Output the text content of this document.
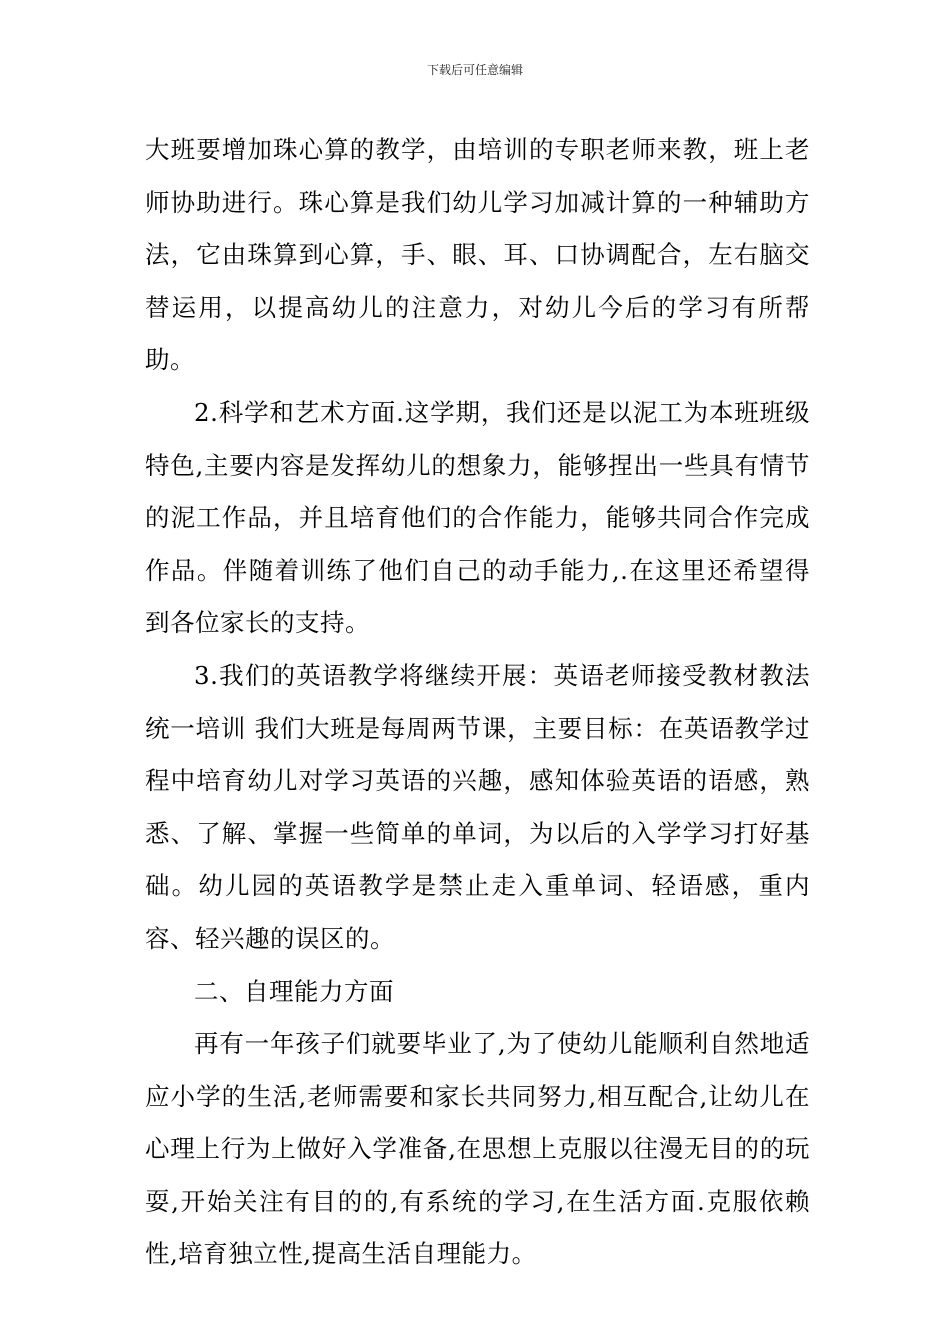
下载后可任意编辑

大班要增加珠心算的教学，由培训的专职老师来教，班上老师协助进行。珠心算是我们幼儿学习加减计算的一种辅助方法，它由珠算到心算，手、眼、耳、口协调配合，左右脑交替运用，以提高幼儿的注意力，对幼儿今后的学习有所帮助。

2.科学和艺术方面.这学期，我们还是以泥工为本班班级特色,主要内容是发挥幼儿的想象力，能够捏出一些具有情节的泥工作品，并且培育他们的合作能力，能够共同合作完成作品。伴随着训练了他们自己的动手能力,.在这里还希望得到各位家长的支持。

3.我们的英语教学将继续开展：英语老师接受教材教法统一培训 我们大班是每周两节课，主要目标：在英语教学过程中培育幼儿对学习英语的兴趣，感知体验英语的语感，熟悉、了解、掌握一些简单的单词，为以后的入学学习打好基础。幼儿园的英语教学是禁止走入重单词、轻语感，重内容、轻兴趣的误区的。

二、自理能力方面

再有一年孩子们就要毕业了,为了使幼儿能顺利自然地适应小学的生活,老师需要和家长共同努力,相互配合,让幼儿在心理上行为上做好入学准备,在思想上克服以往漫无目的的玩耍,开始关注有目的的,有系统的学习,在生活方面.克服依赖性,培育独立性,提高生活自理能力。
